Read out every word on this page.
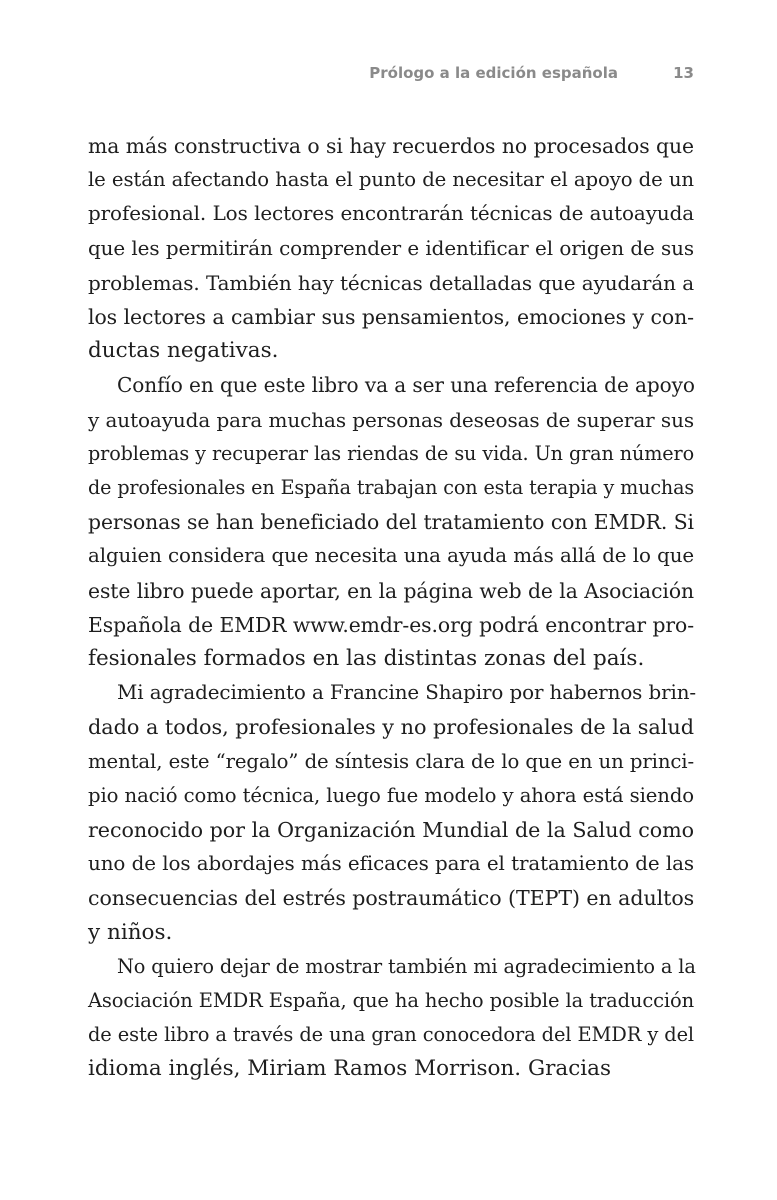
Prólogo a la edición española	13
ma más constructiva o si hay recuerdos no procesados que
le están afectando hasta el punto de necesitar el apoyo de un
profesional. Los lectores encontrarán técnicas de autoayuda
que les permitirán comprender e identificar el origen de sus
problemas. También hay técnicas detalladas que ayudarán a
los lectores a cambiar sus pensamientos, emociones y con-
ductas negativas.
Confío en que este libro va a ser una referencia de apoyo
y autoayuda para muchas personas deseosas de superar sus
problemas y recuperar las riendas de su vida. Un gran número
de profesionales en España trabajan con esta terapia y muchas
personas se han beneficiado del tratamiento con EMDR. Si
alguien considera que necesita una ayuda más allá de lo que
este libro puede aportar, en la página web de la Asociación
Española de EMDR www.emdr-es.org podrá encontrar pro-
fesionales formados en las distintas zonas del país.
Mi agradecimiento a Francine Shapiro por habernos brin-
dado a todos, profesionales y no profesionales de la salud
mental, este “regalo” de síntesis clara de lo que en un princi-
pio nació como técnica, luego fue modelo y ahora está siendo
reconocido por la Organización Mundial de la Salud como
uno de los abordajes más eficaces para el tratamiento de las
consecuencias del estrés postraumático (TEPT) en adultos
y niños.
No quiero dejar de mostrar también mi agradecimiento a la
Asociación EMDR España, que ha hecho posible la traducción
de este libro a través de una gran conocedora del EMDR y del
idioma inglés, Miriam Ramos Morrison. Gracias
